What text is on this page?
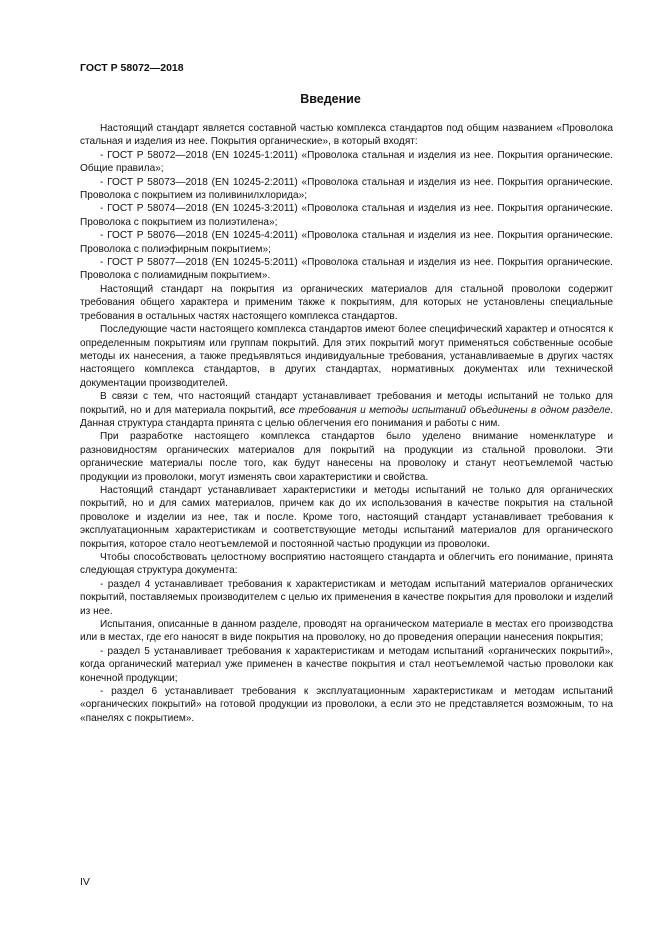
ГОСТ Р 58072—2018
Введение

Настоящий стандарт является составной частью комплекса стандартов под общим названием «Проволока стальная и изделия из нее. Покрытия органические», в который входят:

- ГОСТ Р 58072—2018 (EN 10245-1:2011) «Проволока стальная и изделия из нее. Покрытия органические. Общие правила»;

- ГОСТ Р 58073—2018 (EN 10245-2:2011) «Проволока стальная и изделия из нее. Покрытия органические. Проволока с покрытием из поливинилхлорида»;

- ГОСТ Р 58074—2018 (EN 10245-3:2011) «Проволока стальная и изделия из нее. Покрытия органические. Проволока с покрытием из полиэтилена»;

- ГОСТ Р 58076—2018 (EN 10245-4:2011) «Проволока стальная и изделия из нее. Покрытия органические. Проволока с полиэфирным покрытием»;

- ГОСТ Р 58077—2018 (EN 10245-5:2011) «Проволока стальная и изделия из нее. Покрытия органические. Проволока с полиамидным покрытием».

Настоящий стандарт на покрытия из органических материалов для стальной проволоки содержит требования общего характера и применим также к покрытиям, для которых не установлены специальные требования в остальных частях настоящего комплекса стандартов.

Последующие части настоящего комплекса стандартов имеют более специфический характер и относятся к определенным покрытиям или группам покрытий. Для этих покрытий могут применяться собственные особые методы их нанесения, а также предъявляться индивидуальные требования, устанавливаемые в других частях настоящего комплекса стандартов, в других стандартах, нормативных документах или технической документации производителей.

В связи с тем, что настоящий стандарт устанавливает требования и методы испытаний не только для покрытий, но и для материала покрытий, все требования и методы испытаний объединены в одном разделе. Данная структура стандарта принята с целью облегчения его понимания и работы с ним.

При разработке настоящего комплекса стандартов было уделено внимание номенклатуре и разновидностям органических материалов для покрытий на продукции из стальной проволоки. Эти органические материалы после того, как будут нанесены на проволоку и станут неотъемлемой частью продукции из проволоки, могут изменять свои характеристики и свойства.

Настоящий стандарт устанавливает характеристики и методы испытаний не только для органических покрытий, но и для самих материалов, причем как до их использования в качестве покрытия на стальной проволоке и изделии из нее, так и после. Кроме того, настоящий стандарт устанавливает требования к эксплуатационным характеристикам и соответствующие методы испытаний материалов для органического покрытия, которое стало неотъемлемой и постоянной частью продукции из проволоки.

Чтобы способствовать целостному восприятию настоящего стандарта и облегчить его понимание, принята следующая структура документа:

- раздел 4 устанавливает требования к характеристикам и методам испытаний материалов органических покрытий, поставляемых производителем с целью их применения в качестве покрытия для проволоки и изделий из нее.

Испытания, описанные в данном разделе, проводят на органическом материале в местах его производства или в местах, где его наносят в виде покрытия на проволоку, но до проведения операции нанесения покрытия;

- раздел 5 устанавливает требования к характеристикам и методам испытаний «органических покрытий», когда органический материал уже применен в качестве покрытия и стал неотъемлемой частью проволоки как конечной продукции;

- раздел 6 устанавливает требования к эксплуатационным характеристикам и методам испытаний «органических покрытий» на готовой продукции из проволоки, а если это не представляется возможным, то на «панелях с покрытием».

IV
